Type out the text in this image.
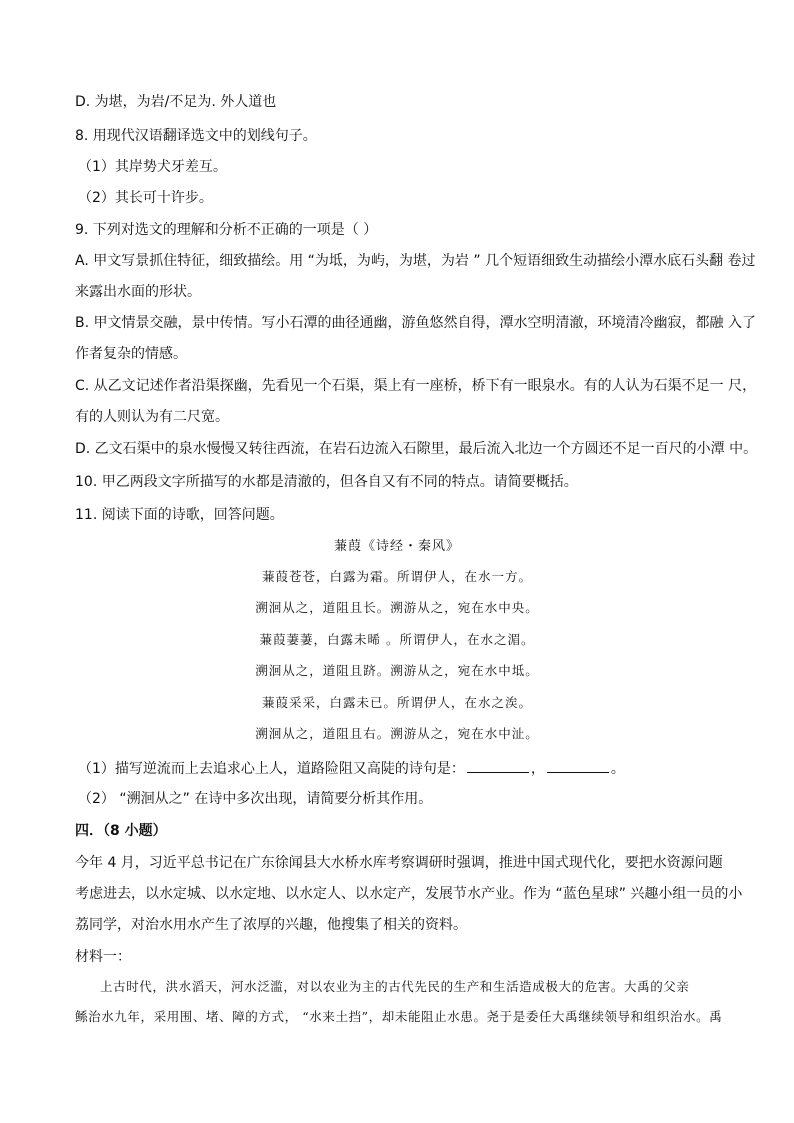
D. 为堪，为岩/不足为. 外人道也
8. 用现代汉语翻译选文中的划线句子。
（1）其岸势犬牙差互。
（2）其长可十许步。
9. 下列对选文的理解和分析不正确的一项是（ ）
A. 甲文写景抓住特征，细致描绘。用 “为坻，为屿，为堪，为岩 ” 几个短语细致生动描绘小潭水底石头翻 卷过
来露出水面的形状。
B. 甲文情景交融，景中传情。写小石潭的曲径通幽，游鱼悠然自得，潭水空明清澈，环境清冷幽寂，都融 入了
作者复杂的情感。
C. 从乙文记述作者沿渠探幽，先看见一个石渠，渠上有一座桥，桥下有一眼泉水。有的人认为石渠不足一 尺，
有的人则认为有二尺宽。
D. 乙文石渠中的泉水慢慢又转往西流，在岩石边流入石隙里，最后流入北边一个方圆还不足一百尺的小潭 中。
10. 甲乙两段文字所描写的水都是清澈的，但各自又有不同的特点。请简要概括。
11. 阅读下面的诗歌，回答问题。
蒹葭《诗经・秦风》
蒹葭苍苍，白露为霜。所谓伊人，在水一方。
溯洄从之，道阻且长。溯游从之，宛在水中央。
蒹葭萋萋，白露未晞 。所谓伊人，在水之湄。
溯洄从之，道阻且跻。溯游从之，宛在水中坻。
蒹葭采采，白露未已。所谓伊人，在水之涘。
溯洄从之，道阻且右。溯游从之，宛在水中沚。
（1）描写逆流而上去追求心上人，道路险阻又高陡的诗句是：	，	。
（2） “溯洄从之” 在诗中多次出现，请简要分析其作用。
四．（8 小题）
今年 4 月，习近平总书记在广东徐闻县大水桥水库考察调研时强调，推进中国式现代化，要把水资源问题
考虑进去，以水定城、以水定地、以水定人、以水定产，发展节水产业。作为 “蓝色星球” 兴趣小组一员的小
荔同学，对治水用水产生了浓厚的兴趣，他搜集了相关的资料。
材料一：
上古时代，洪水滔天，河水泛滥，对以农业为主的古代先民的生产和生活造成极大的危害。大禹的父亲
鲧治水九年，采用围、堵、障的方式， “水来土挡”，却未能阻止水患。尧于是委任大禹继续领导和组织治水。禹
